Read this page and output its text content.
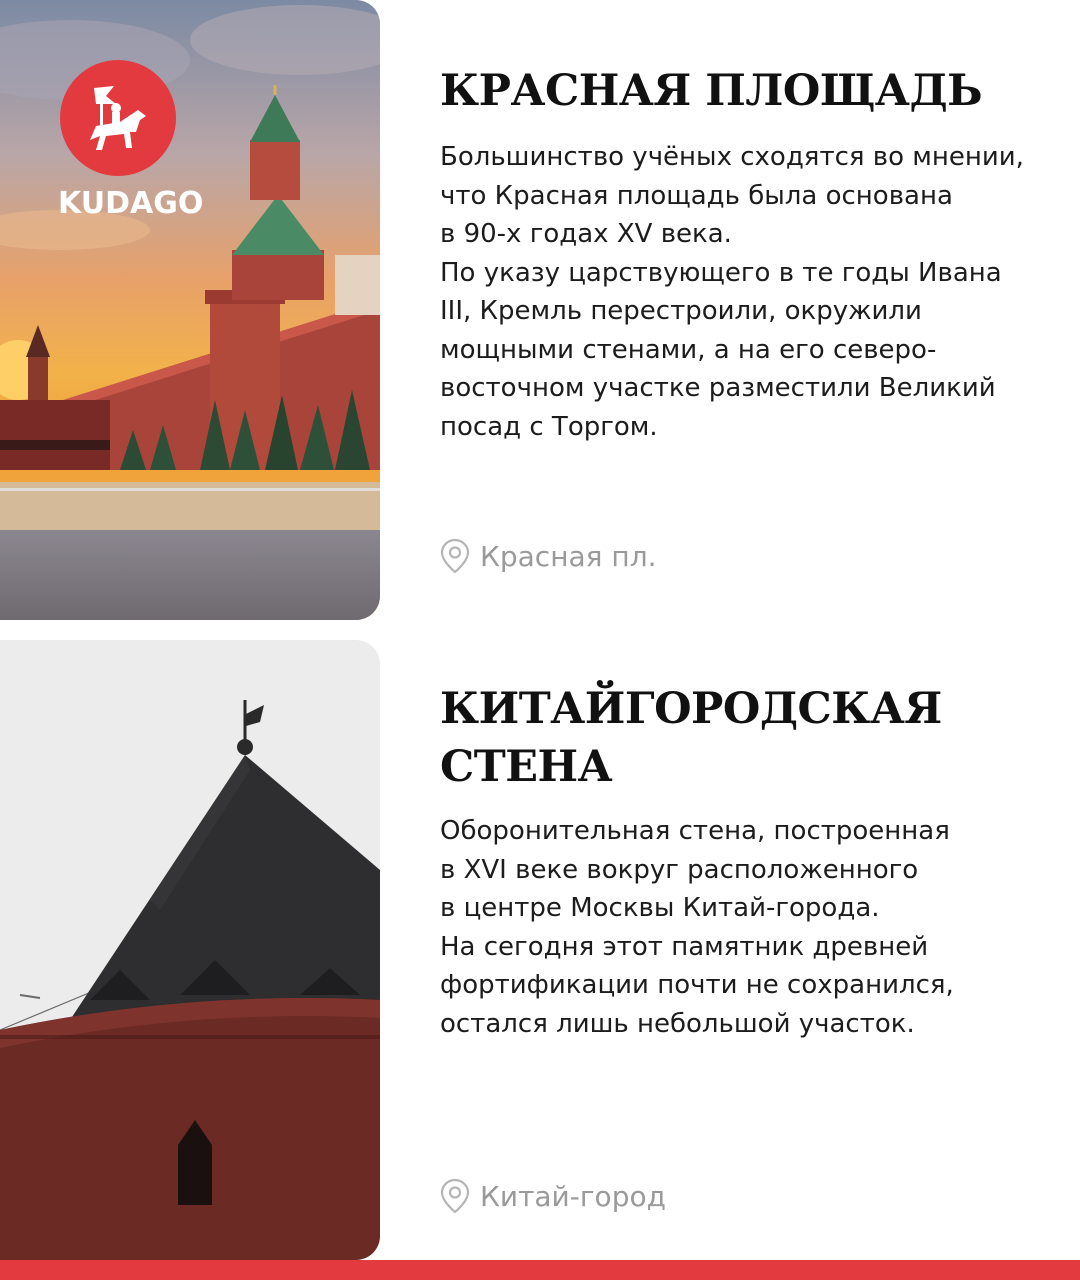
KUDAGO
КРАСНАЯ ПЛОЩАДЬ

Большинство учёных сходятся во мнении,
что Красная площадь была основана
в 90-х годах XV века.
По указу царствующего в те годы Ивана
III, Кремль перестроили, окружили
мощными стенами, а на его северо-
восточном участке разместили Великий
посад с Торгом.

Красная пл.
КИТАЙГОРОДСКАЯ
СТЕНА

Оборонительная стена, построенная
в XVI веке вокруг расположенного
в центре Москвы Китай-города.
На сегодня этот памятник древней
фортификации почти не сохранился,
остался лишь небольшой участок.

Китай-город
